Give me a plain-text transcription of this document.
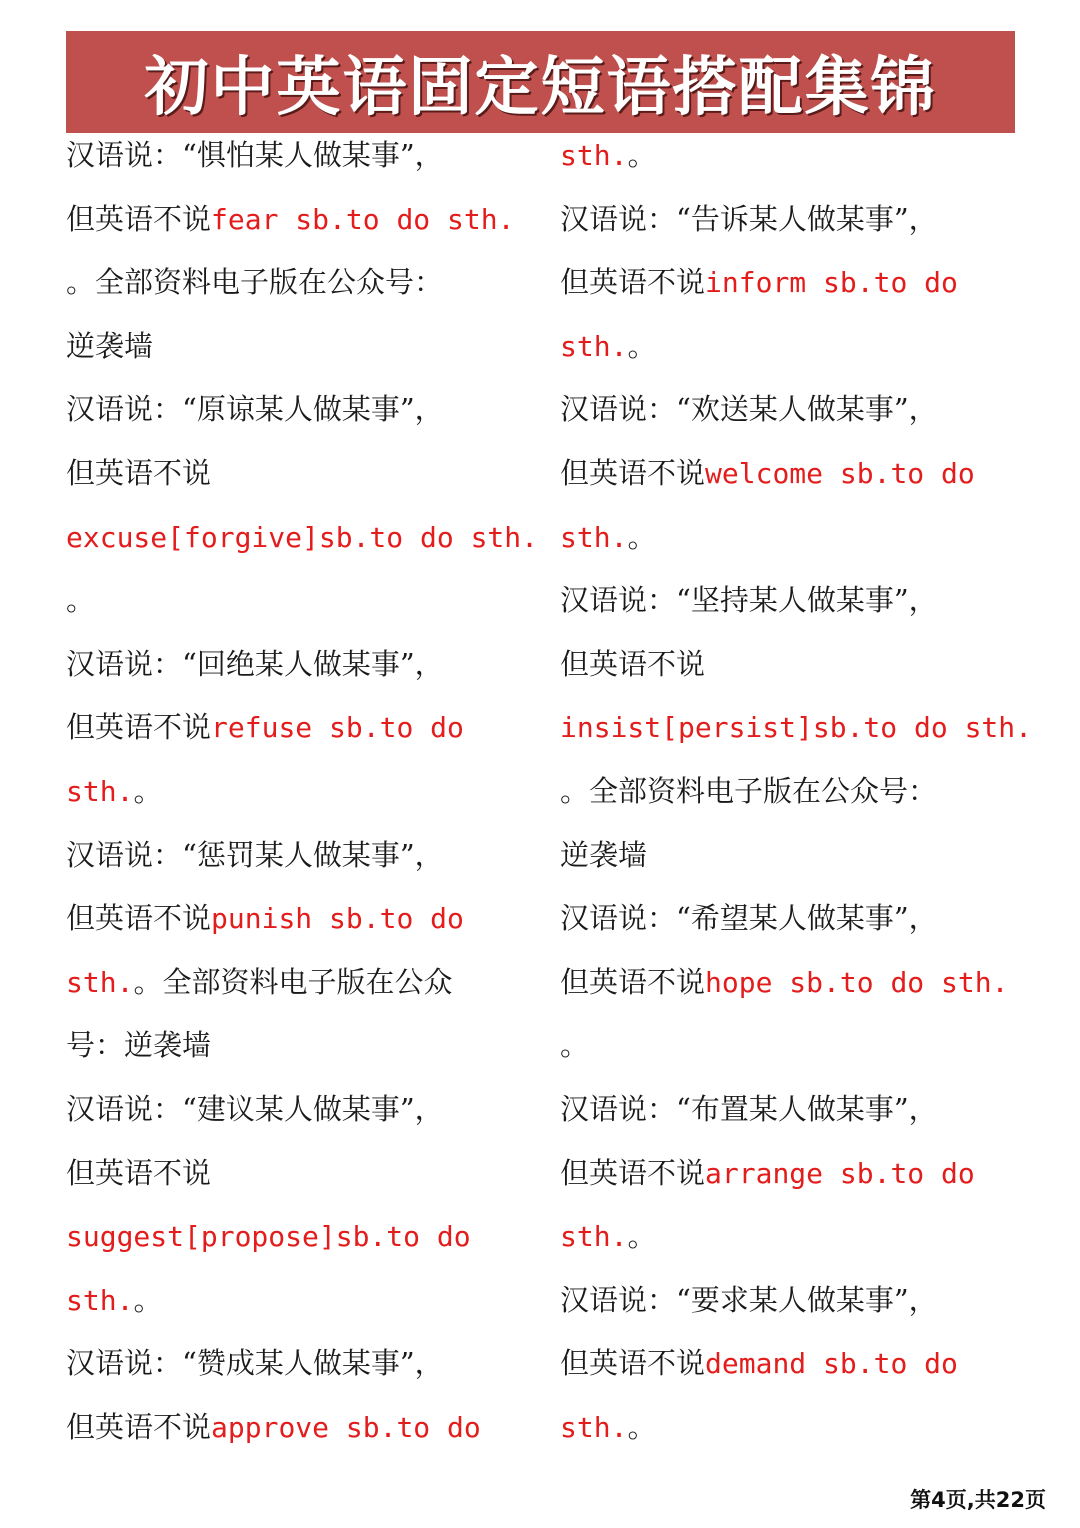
初中英语固定短语搭配集锦
汉语说：“惧怕某人做某事”，
但英语不说fear sb.to do sth.
。全部资料电子版在公众号：
逆袭墙
汉语说：“原谅某人做某事”，
但英语不说
excuse[forgive]sb.to do sth.
。
汉语说：“回绝某人做某事”，
但英语不说refuse sb.to do
sth.。
汉语说：“惩罚某人做某事”，
但英语不说punish sb.to do
sth.。全部资料电子版在公众
号：逆袭墙
汉语说：“建议某人做某事”，
但英语不说
suggest[propose]sb.to do
sth.。
汉语说：“赞成某人做某事”，
但英语不说approve sb.to do
sth.。
汉语说：“告诉某人做某事”，
但英语不说inform sb.to do
sth.。
汉语说：“欢送某人做某事”，
但英语不说welcome sb.to do
sth.。
汉语说：“坚持某人做某事”，
但英语不说
insist[persist]sb.to do sth.
。全部资料电子版在公众号：
逆袭墙
汉语说：“希望某人做某事”，
但英语不说hope sb.to do sth.
。
汉语说：“布置某人做某事”，
但英语不说arrange sb.to do
sth.。
汉语说：“要求某人做某事”，
但英语不说demand sb.to do
sth.。
第4页,共22页
